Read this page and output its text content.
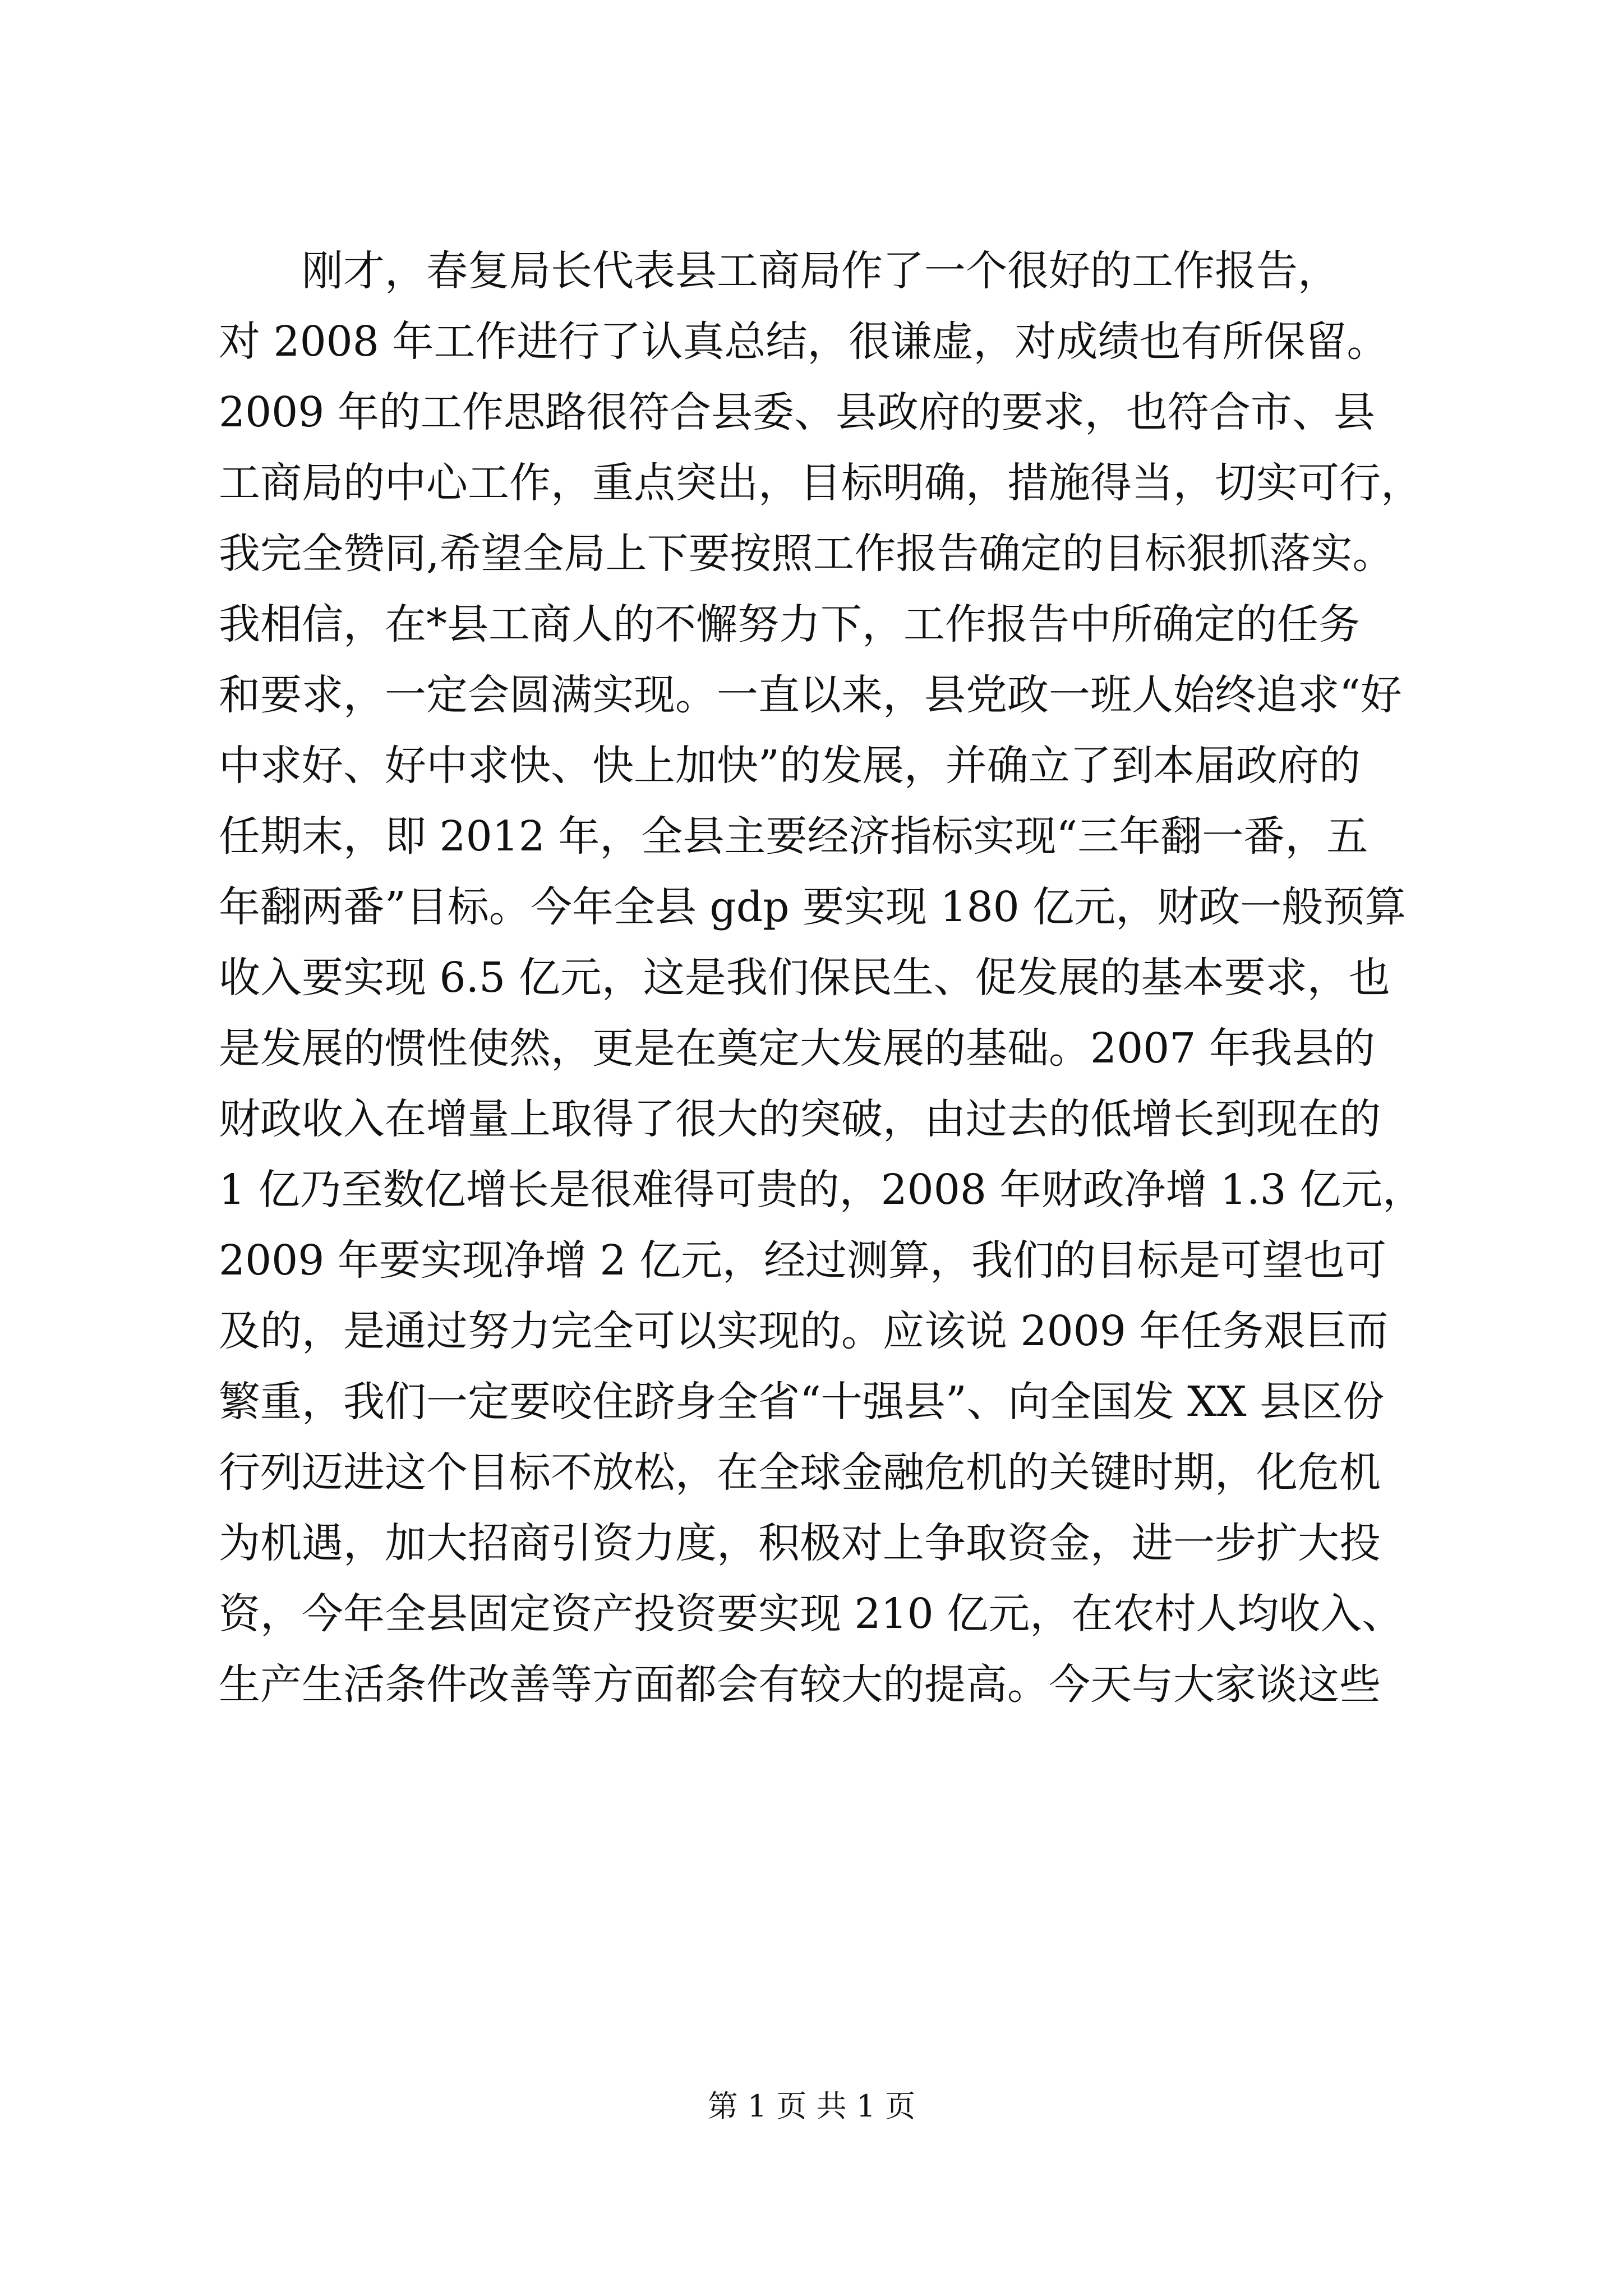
刚才，春复局长代表县工商局作了一个很好的工作报告，
对 2008 年工作进行了认真总结，很谦虚，对成绩也有所保留。
2009 年的工作思路很符合县委、县政府的要求，也符合市、县
工商局的中心工作，重点突出，目标明确，措施得当，切实可行，
我完全赞同,希望全局上下要按照工作报告确定的目标狠抓落实。
我相信，在*县工商人的不懈努力下，工作报告中所确定的任务
和要求，一定会圆满实现。一直以来，县党政一班人始终追求“好
中求好、好中求快、快上加快”的发展，并确立了到本届政府的
任期末，即 2012 年，全县主要经济指标实现“三年翻一番，五
年翻两番”目标。今年全县 gdp 要实现 180 亿元，财政一般预算
收入要实现 6.5 亿元，这是我们保民生、促发展的基本要求，也
是发展的惯性使然，更是在奠定大发展的基础。2007 年我县的
财政收入在增量上取得了很大的突破，由过去的低增长到现在的
1 亿乃至数亿增长是很难得可贵的，2008 年财政净增 1.3 亿元，
2009 年要实现净增 2 亿元，经过测算，我们的目标是可望也可
及的，是通过努力完全可以实现的。应该说 2009 年任务艰巨而
繁重，我们一定要咬住跻身全省“十强县”、向全国发 XX 县区份
行列迈进这个目标不放松，在全球金融危机的关键时期，化危机
为机遇，加大招商引资力度，积极对上争取资金，进一步扩大投
资，今年全县固定资产投资要实现 210 亿元，在农村人均收入、
生产生活条件改善等方面都会有较大的提高。今天与大家谈这些
第 1 页 共 1 页
